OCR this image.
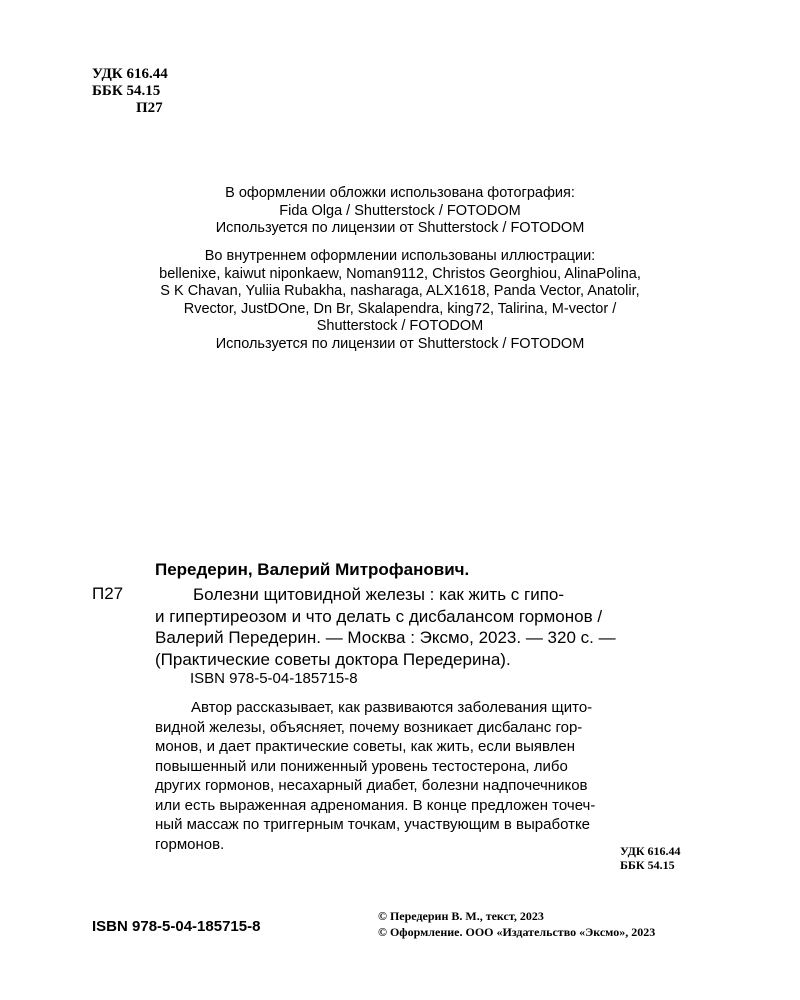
УДК 616.44
ББК 54.15
П27
В оформлении обложки использована фотография:
Fida Olga / Shutterstock / FOTODOM
Используется по лицензии от Shutterstock / FOTODOM
Во внутреннем оформлении использованы иллюстрации:
bellenixe, kaiwut niponkaew, Noman9112, Christos Georghiou, AlinaPolina,
S K Chavan, Yuliia Rubakha, nasharaga, ALX1618, Panda Vector, Anatolir,
Rvector, JustDOne, Dn Br, Skalapendra, king72, Talirina, M-vector /
Shutterstock / FOTODOM
Используется по лицензии от Shutterstock / FOTODOM
Передерин, Валерий Митрофанович.
П27	Болезни щитовидной железы : как жить с гипо-
и гипертиреозом и что делать с дисбалансом гормонов /
Валерий Передерин. — Москва : Эксмо, 2023. — 320 с. —
(Практические советы доктора Передерина).
ISBN 978-5-04-185715-8
Автор рассказывает, как развиваются заболевания щито-
видной железы, объясняет, почему возникает дисбаланс гор-
монов, и дает практические советы, как жить, если выявлен
повышенный или пониженный уровень тестостерона, либо
других гормонов, несахарный диабет, болезни надпочечников
или есть выраженная адреномания. В конце предложен точеч-
ный массаж по триггерным точкам, участвующим в выработке
гормонов.	УДК 616.44
ББК 54.15
ISBN 978-5-04-185715-8
© Передерин В. М., текст, 2023
© Оформление. ООО «Издательство «Эксмо», 2023
